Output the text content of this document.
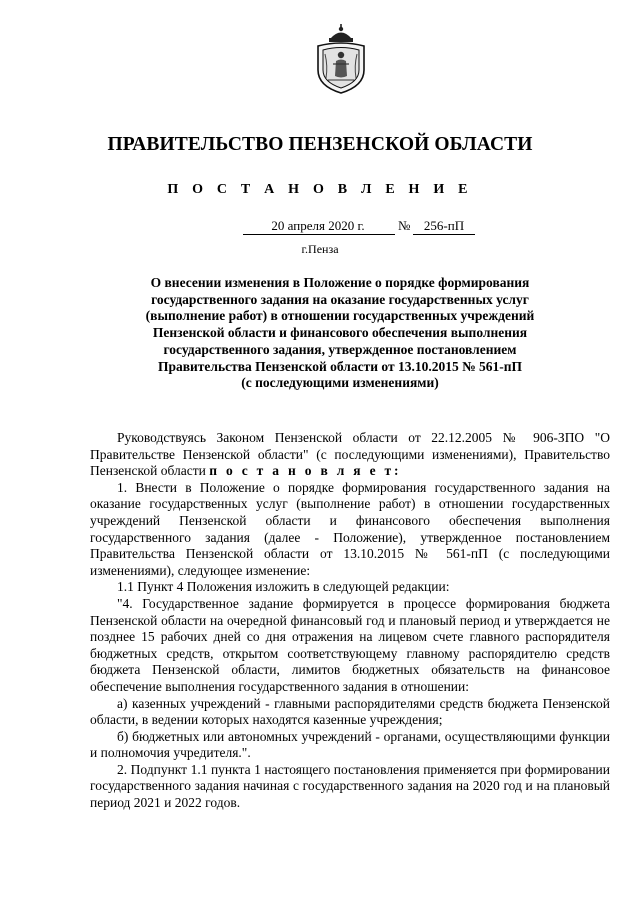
ПРАВИТЕЛЬСТВО ПЕНЗЕНСКОЙ ОБЛАСТИ
П О С Т А Н О В Л Е Н И Е
20 апреля 2020 г.	№	256-пП
г.Пенза
О внесении изменения в Положение о порядке формирования
государственного задания на оказание государственных услуг
(выполнение работ) в отношении государственных учреждений
Пензенской области и финансового обеспечения выполнения
государственного задания, утвержденное постановлением
Правительства Пензенской области от 13.10.2015 № 561-пП
(с последующими изменениями)

Руководствуясь Законом Пензенской области от 22.12.2005 № 906-ЗПО "О Правительстве Пензенской области" (с последующими изменениями), Правительство Пензенской области п о с т а н о в л я е т:

1. Внести в Положение о порядке формирования государственного задания на оказание государственных услуг (выполнение работ) в отношении государственных учреждений Пензенской области и финансового обеспечения выполнения государственного задания (далее - Положение), утвержденное постановлением Правительства Пензенской области от 13.10.2015 № 561-пП (с последующими изменениями), следующее изменение:

1.1 Пункт 4 Положения изложить в следующей редакции:

"4. Государственное задание формируется в процессе формирования бюджета Пензенской области на очередной финансовый год и плановый период и утверждается не позднее 15 рабочих дней со дня отражения на лицевом счете главного распорядителя бюджетных средств, открытом соответствующему главному распорядителю средств бюджета Пензенской области, лимитов бюджетных обязательств на финансовое обеспечение выполнения государственного задания в отношении:

а) казенных учреждений - главными распорядителями средств бюджета Пензенской области, в ведении которых находятся казенные учреждения;

б) бюджетных или автономных учреждений - органами, осуществляющими функции и полномочия учредителя.".

2. Подпункт 1.1 пункта 1 настоящего постановления применяется при формировании государственного задания начиная с государственного задания на 2020 год и на плановый период 2021 и 2022 годов.
